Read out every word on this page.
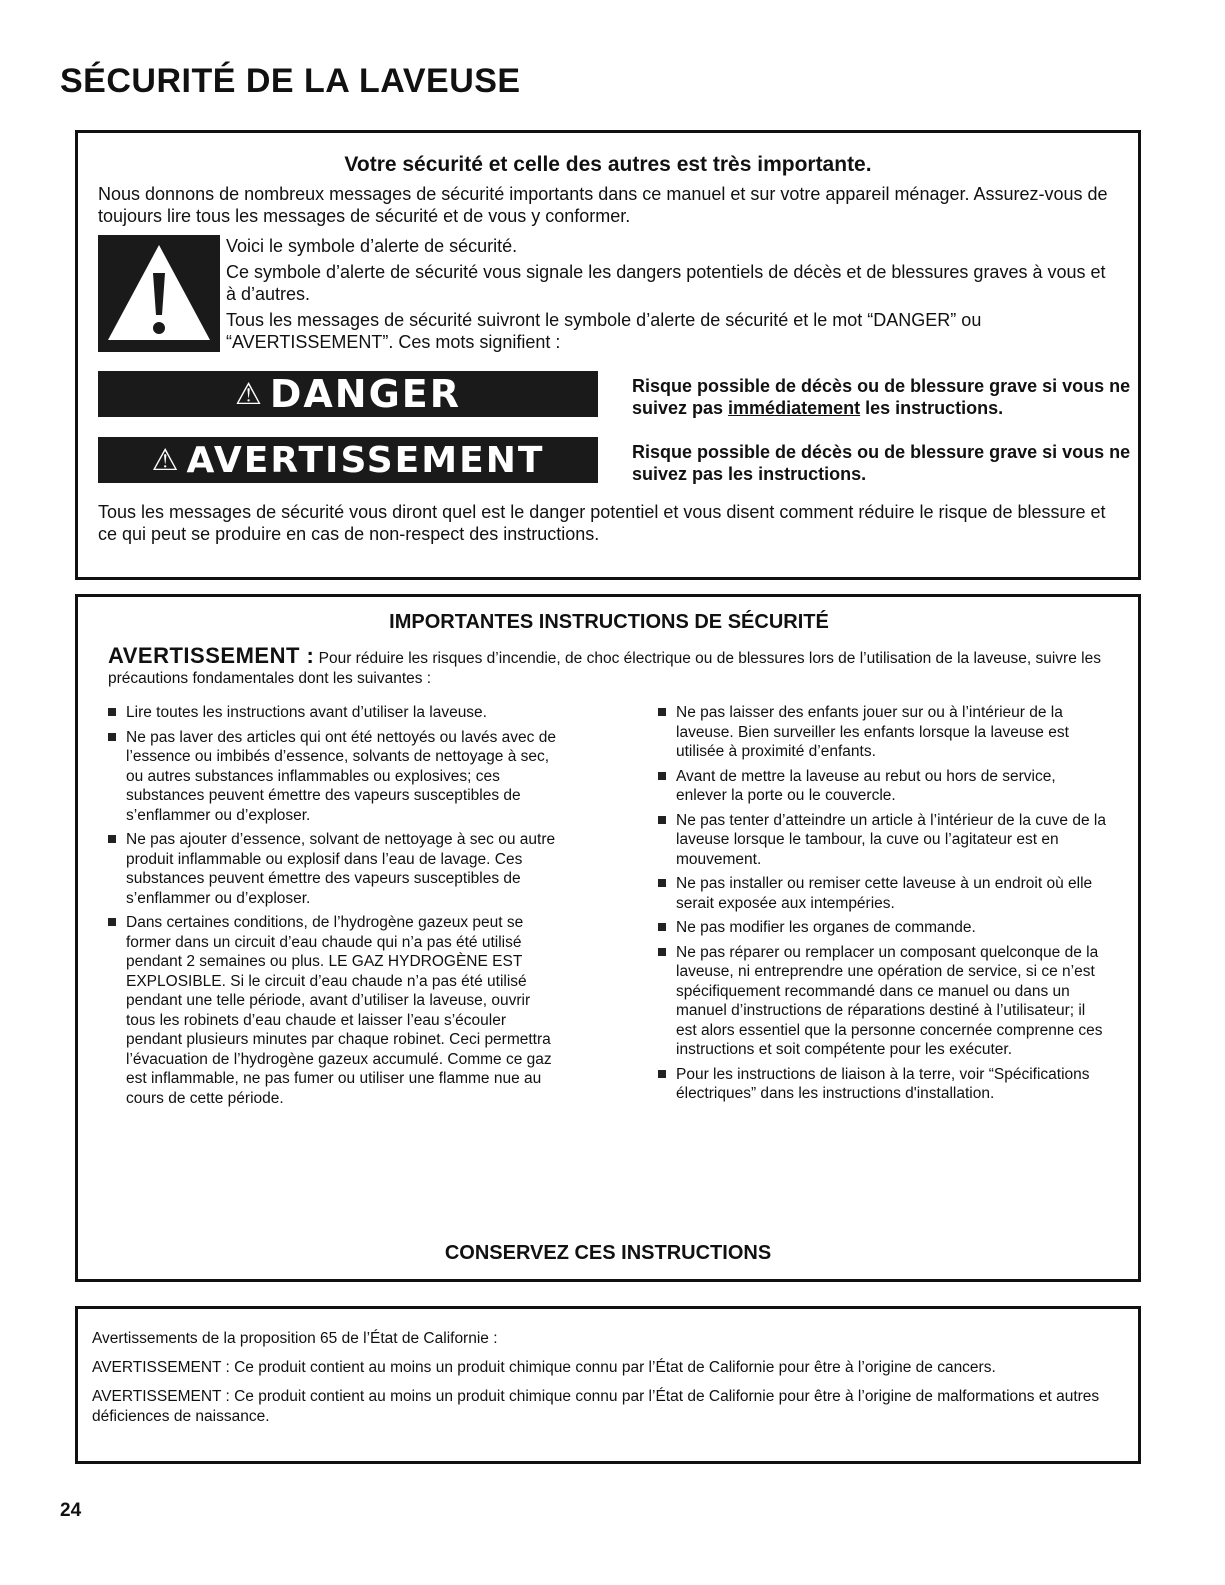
SÉCURITÉ DE LA LAVEUSE
Votre sécurité et celle des autres est très importante.

Nous donnons de nombreux messages de sécurité importants dans ce manuel et sur votre appareil ménager. Assurez-vous de toujours lire tous les messages de sécurité et de vous y conformer.

Voici le symbole d’alerte de sécurité.

Ce symbole d’alerte de sécurité vous signale les dangers potentiels de décès et de blessures graves à vous et à d’autres.

Tous les messages de sécurité suivront le symbole d’alerte de sécurité et le mot “DANGER” ou “AVERTISSEMENT”. Ces mots signifient :

⚠ DANGER	Risque possible de décès ou de blessure grave si vous ne suivez pas immédiatement les instructions.
⚠ AVERTISSEMENT	Risque possible de décès ou de blessure grave si vous ne suivez pas les instructions.

Tous les messages de sécurité vous diront quel est le danger potentiel et vous disent comment réduire le risque de blessure et ce qui peut se produire en cas de non-respect des instructions.

IMPORTANTES INSTRUCTIONS DE SÉCURITÉ

AVERTISSEMENT : Pour réduire les risques d’incendie, de choc électrique ou de blessures lors de l’utilisation de la laveuse, suivre les précautions fondamentales dont les suivantes :

Lire toutes les instructions avant d’utiliser la laveuse.
Ne pas laver des articles qui ont été nettoyés ou lavés avec de l’essence ou imbibés d’essence, solvants de nettoyage à sec, ou autres substances inflammables ou explosives; ces substances peuvent émettre des vapeurs susceptibles de s’enflammer ou d’exploser.
Ne pas ajouter d’essence, solvant de nettoyage à sec ou autre produit inflammable ou explosif dans l’eau de lavage. Ces substances peuvent émettre des vapeurs susceptibles de s’enflammer ou d’exploser.
Dans certaines conditions, de l’hydrogène gazeux peut se former dans un circuit d’eau chaude qui n’a pas été utilisé pendant 2 semaines ou plus. LE GAZ HYDROGÈNE EST EXPLOSIBLE. Si le circuit d’eau chaude n’a pas été utilisé pendant une telle période, avant d’utiliser la laveuse, ouvrir tous les robinets d’eau chaude et laisser l’eau s’écouler pendant plusieurs minutes par chaque robinet. Ceci permettra l’évacuation de l’hydrogène gazeux accumulé. Comme ce gaz est inflammable, ne pas fumer ou utiliser une flamme nue au cours de cette période.
Ne pas laisser des enfants jouer sur ou à l’intérieur de la laveuse. Bien surveiller les enfants lorsque la laveuse est utilisée à proximité d’enfants.
Avant de mettre la laveuse au rebut ou hors de service, enlever la porte ou le couvercle.
Ne pas tenter d’atteindre un article à l’intérieur de la cuve de la laveuse lorsque le tambour, la cuve ou l’agitateur est en mouvement.
Ne pas installer ou remiser cette laveuse à un endroit où elle serait exposée aux intempéries.
Ne pas modifier les organes de commande.
Ne pas réparer ou remplacer un composant quelconque de la laveuse, ni entreprendre une opération de service, si ce n’est spécifiquement recommandé dans ce manuel ou dans un manuel d’instructions de réparations destiné à l’utilisateur; il est alors essentiel que la personne concernée comprenne ces instructions et soit compétente pour les exécuter.
Pour les instructions de liaison à la terre, voir “Spécifications électriques” dans les instructions d'installation.

CONSERVEZ CES INSTRUCTIONS

Avertissements de la proposition 65 de l’État de Californie :

AVERTISSEMENT : Ce produit contient au moins un produit chimique connu par l’État de Californie pour être à l’origine de cancers.

AVERTISSEMENT : Ce produit contient au moins un produit chimique connu par l’État de Californie pour être à l’origine de malformations et autres déficiences de naissance.

24
